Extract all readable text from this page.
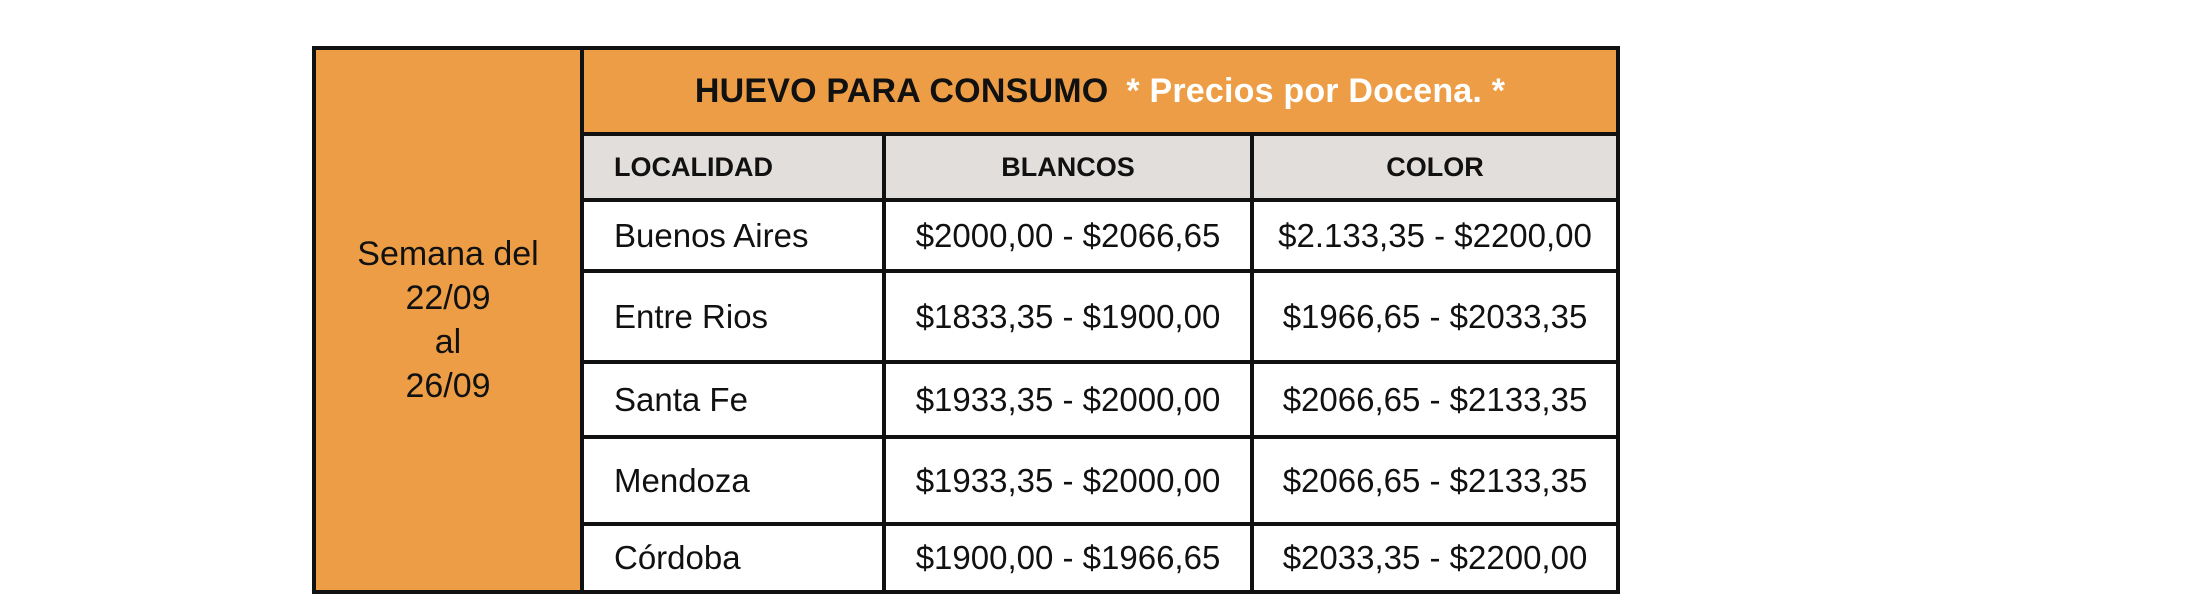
Semana del
22/09
al
26/09	HUEVO PARA CONSUMO * Precios por Docena. *		
	LOCALIDAD	BLANCOS	COLOR
	Buenos Aires	$2000,00 - $2066,65	$2.133,35 - $2200,00
	Entre Rios	$1833,35 - $1900,00	$1966,65 - $2033,35
	Santa Fe	$1933,35 - $2000,00	$2066,65 - $2133,35
	Mendoza	$1933,35 - $2000,00	$2066,65 - $2133,35
	Córdoba	$1900,00 - $1966,65	$2033,35 - $2200,00
